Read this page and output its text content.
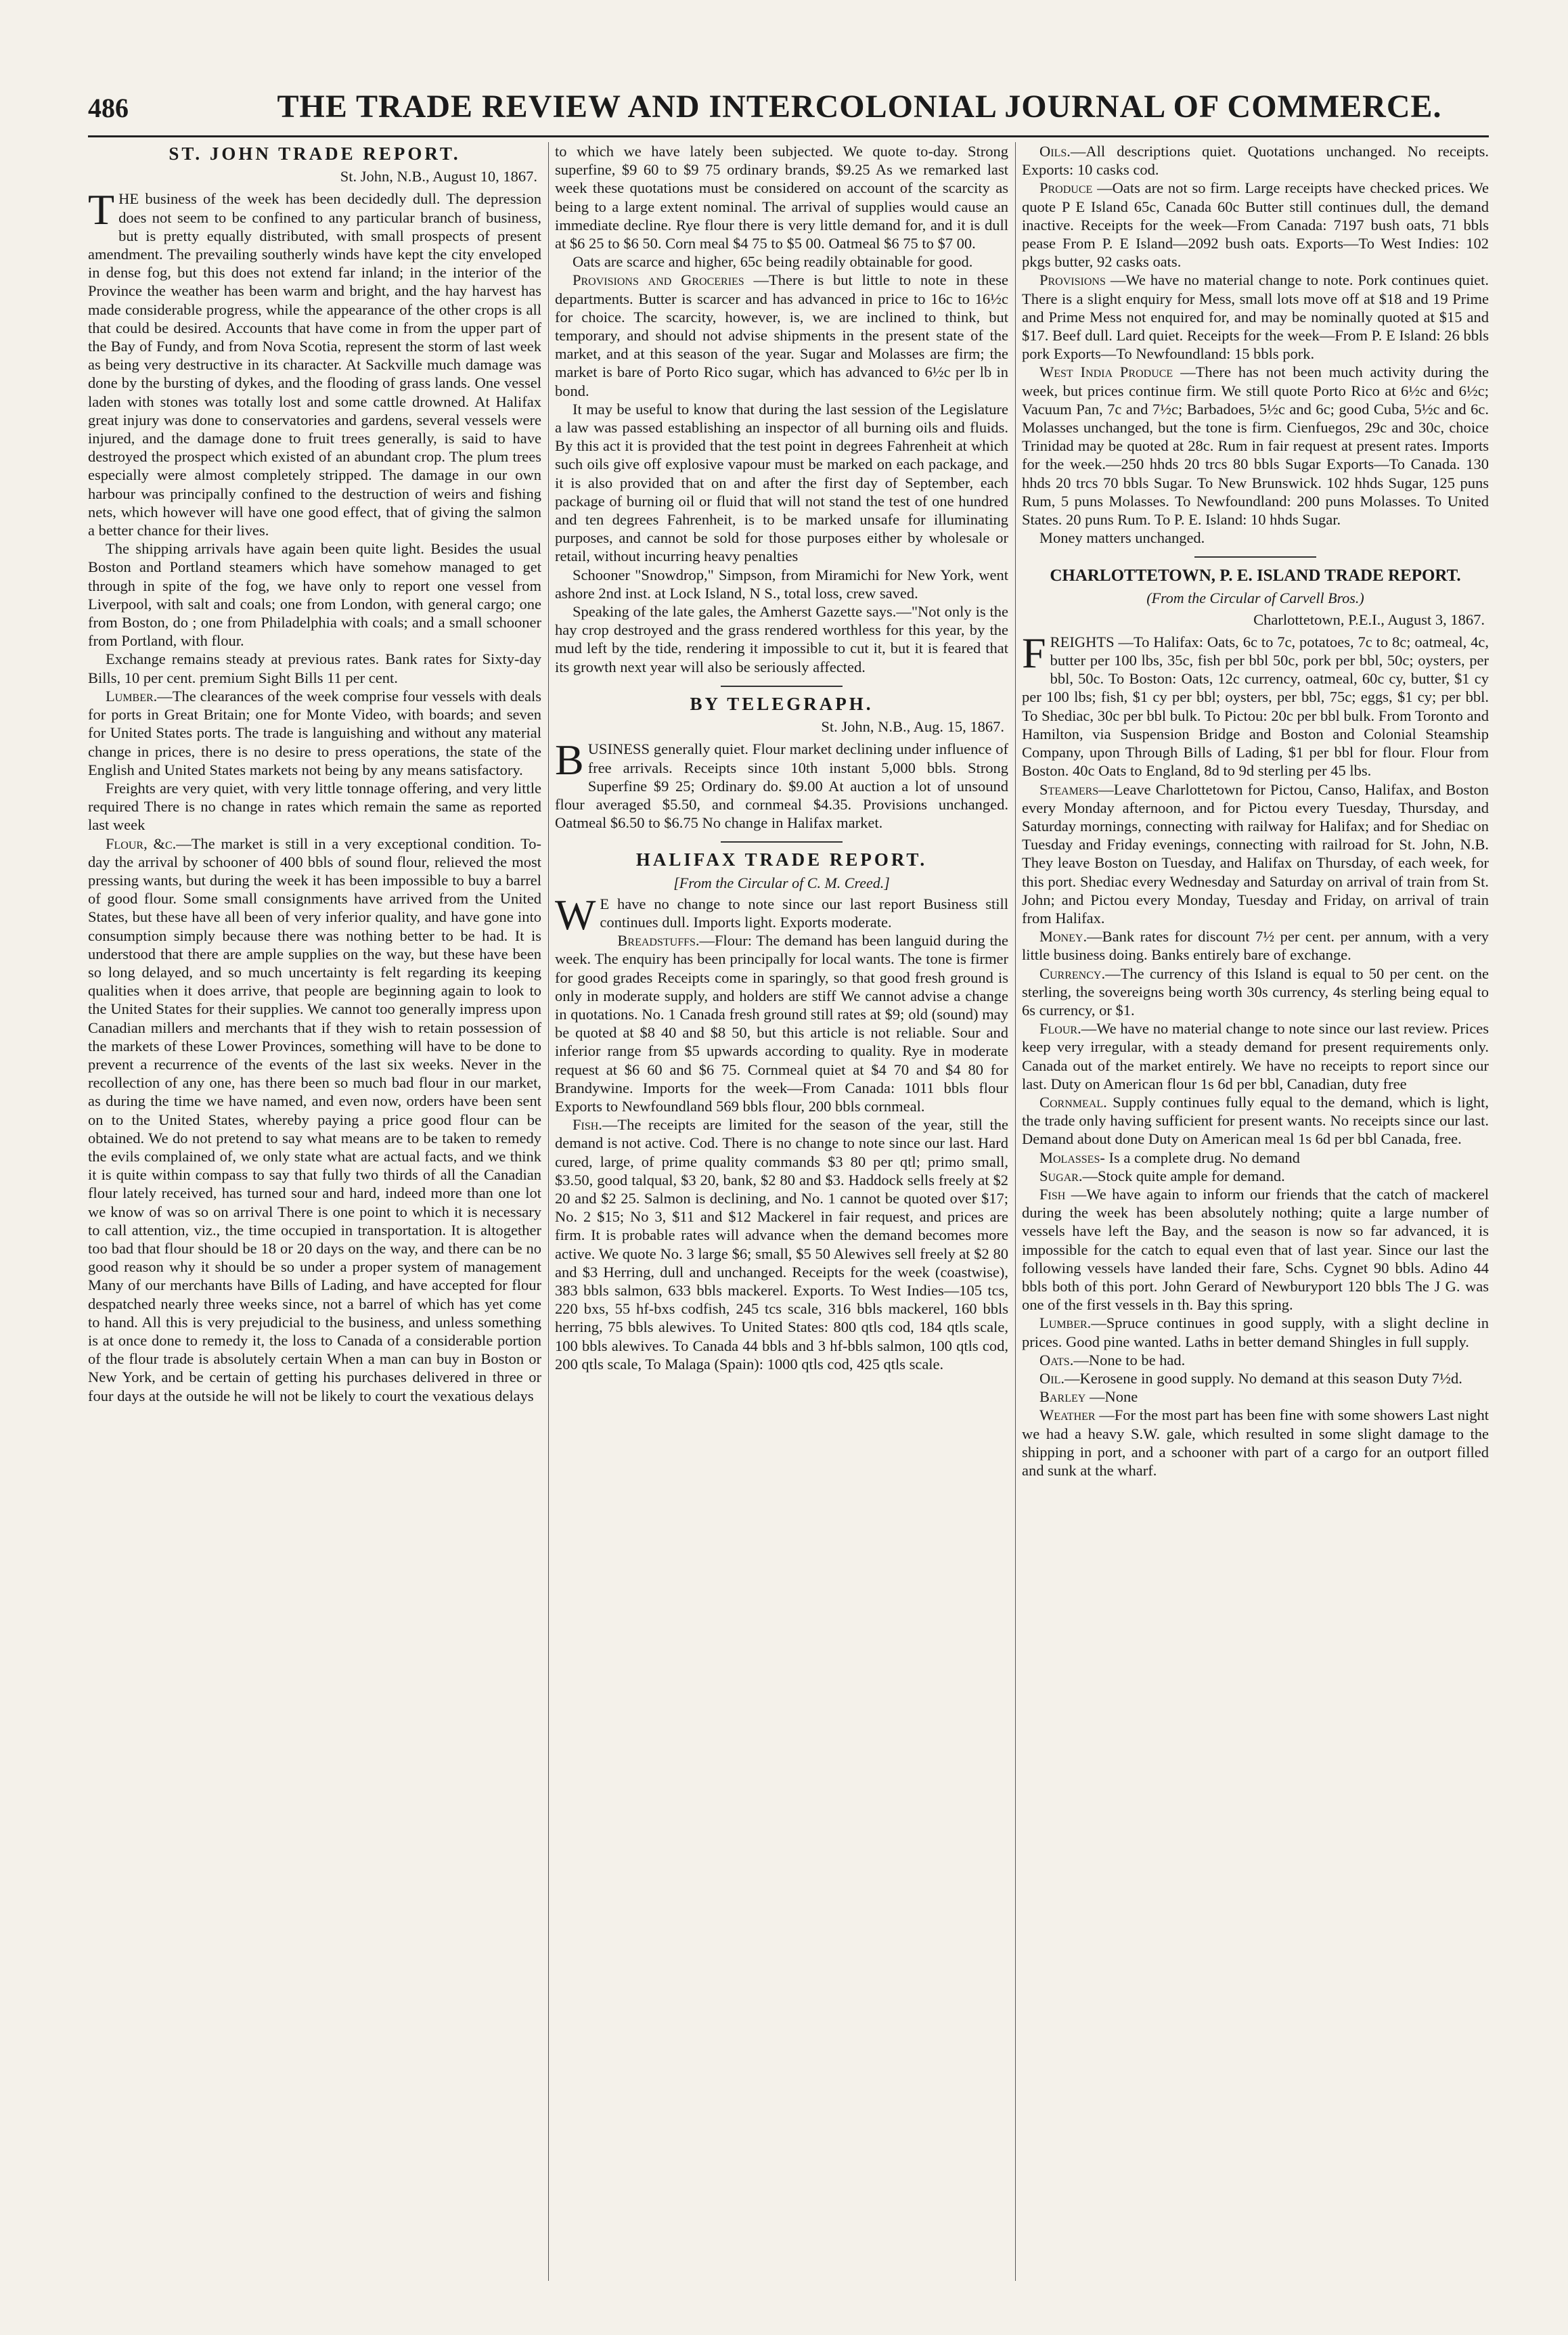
486	THE TRADE REVIEW AND INTERCOLONIAL JOURNAL OF COMMERCE.
ST. JOHN TRADE REPORT.
St. John, N.B., August 10, 1867.

THE business of the week has been decidedly dull. The depression does not seem to be confined to any particular branch of business, but is pretty equally distributed, with small prospects of present amendment. The prevailing southerly winds have kept the city enveloped in dense fog, but this does not extend far inland; in the interior of the Province the weather has been warm and bright, and the hay harvest has made considerable progress, while the appearance of the other crops is all that could be desired. Accounts that have come in from the upper part of the Bay of Fundy, and from Nova Scotia, represent the storm of last week as being very destructive in its character. At Sackville much damage was done by the bursting of dykes, and the flooding of grass lands. One vessel laden with stones was totally lost and some cattle drowned. At Halifax great injury was done to conservatories and gardens, several vessels were injured, and the damage done to fruit trees generally, is said to have destroyed the prospect which existed of an abundant crop. The plum trees especially were almost completely stripped. The damage in our own harbour was principally confined to the destruction of weirs and fishing nets, which however will have one good effect, that of giving the salmon a better chance for their lives.

The shipping arrivals have again been quite light. Besides the usual Boston and Portland steamers which have somehow managed to get through in spite of the fog, we have only to report one vessel from Liverpool, with salt and coals; one from London, with general cargo; one from Boston, do ; one from Philadelphia with coals; and a small schooner from Portland, with flour.

Exchange remains steady at previous rates. Bank rates for Sixty-day Bills, 10 per cent. premium Sight Bills 11 per cent.

Lumber.—The clearances of the week comprise four vessels with deals for ports in Great Britain; one for Monte Video, with boards; and seven for United States ports. The trade is languishing and without any material change in prices, there is no desire to press operations, the state of the English and United States markets not being by any means satisfactory.

Freights are very quiet, with very little tonnage offering, and very little required There is no change in rates which remain the same as reported last week

Flour, &c.—The market is still in a very exceptional condition. To-day the arrival by schooner of 400 bbls of sound flour, relieved the most pressing wants, but during the week it has been impossible to buy a barrel of good flour. Some small consignments have arrived from the United States, but these have all been of very inferior quality, and have gone into consumption simply because there was nothing better to be had. It is understood that there are ample supplies on the way, but these have been so long delayed, and so much uncertainty is felt regarding its keeping qualities when it does arrive, that people are beginning again to look to the United States for their supplies. We cannot too generally impress upon Canadian millers and merchants that if they wish to retain possession of the markets of these Lower Provinces, something will have to be done to prevent a recurrence of the events of the last six weeks. Never in the recollection of any one, has there been so much bad flour in our market, as during the time we have named, and even now, orders have been sent on to the United States, whereby paying a price good flour can be obtained. We do not pretend to say what means are to be taken to remedy the evils complained of, we only state what are actual facts, and we think it is quite within compass to say that fully two thirds of all the Canadian flour lately received, has turned sour and hard, indeed more than one lot we know of was so on arrival There is one point to which it is necessary to call attention, viz., the time occupied in transportation. It is altogether too bad that flour should be 18 or 20 days on the way, and there can be no good reason why it should be so under a proper system of management Many of our merchants have Bills of Lading, and have accepted for flour despatched nearly three weeks since, not a barrel of which has yet come to hand. All this is very prejudicial to the business, and unless something is at once done to remedy it, the loss to Canada of a considerable portion of the flour trade is absolutely certain When a man can buy in Boston or New York, and be certain of getting his purchases delivered in three or four days at the outside he will not be likely to court the vexatious delays

to which we have lately been subjected. We quote to-day. Strong superfine, $9 60 to $9 75 ordinary brands, $9.25 As we remarked last week these quotations must be considered on account of the scarcity as being to a large extent nominal. The arrival of supplies would cause an immediate decline. Rye flour there is very little demand for, and it is dull at $6 25 to $6 50. Corn meal $4 75 to $5 00. Oatmeal $6 75 to $7 00.

Oats are scarce and higher, 65c being readily obtainable for good.

Provisions and Groceries —There is but little to note in these departments. Butter is scarcer and has advanced in price to 16c to 16½c for choice. The scarcity, however, is, we are inclined to think, but temporary, and should not advise shipments in the present state of the market, and at this season of the year. Sugar and Molasses are firm; the market is bare of Porto Rico sugar, which has advanced to 6½c per lb in bond.

It may be useful to know that during the last session of the Legislature a law was passed establishing an inspector of all burning oils and fluids. By this act it is provided that the test point in degrees Fahrenheit at which such oils give off explosive vapour must be marked on each package, and it is also provided that on and after the first day of September, each package of burning oil or fluid that will not stand the test of one hundred and ten degrees Fahrenheit, is to be marked unsafe for illuminating purposes, and cannot be sold for those purposes either by wholesale or retail, without incurring heavy penalties

Schooner "Snowdrop," Simpson, from Miramichi for New York, went ashore 2nd inst. at Lock Island, N S., total loss, crew saved.

Speaking of the late gales, the Amherst Gazette says.—"Not only is the hay crop destroyed and the grass rendered worthless for this year, by the mud left by the tide, rendering it impossible to cut it, but it is feared that its growth next year will also be seriously affected.

BY TELEGRAPH.
St. John, N.B., Aug. 15, 1867.

BUSINESS generally quiet. Flour market declining under influence of free arrivals. Receipts since 10th instant 5,000 bbls. Strong Superfine $9 25; Ordinary do. $9.00 At auction a lot of unsound flour averaged $5.50, and cornmeal $4.35. Provisions unchanged. Oatmeal $6.50 to $6.75 No change in Halifax market.

HALIFAX TRADE REPORT.
[From the Circular of C. M. Creed.]

W E have no change to note since our last report Business still continues dull. Imports light. Exports moderate.

Breadstuffs.—Flour: The demand has been languid during the week. The enquiry has been principally for local wants. The tone is firmer for good grades Receipts come in sparingly, so that good fresh ground is only in moderate supply, and holders are stiff We cannot advise a change in quotations. No. 1 Canada fresh ground still rates at $9; old (sound) may be quoted at $8 40 and $8 50, but this article is not reliable. Sour and inferior range from $5 upwards according to quality. Rye in moderate request at $6 60 and $6 75. Cornmeal quiet at $4 70 and $4 80 for Brandywine. Imports for the week—From Canada: 1011 bbls flour Exports to Newfoundland 569 bbls flour, 200 bbls cornmeal.

Fish.—The receipts are limited for the season of the year, still the demand is not active. Cod. There is no change to note since our last. Hard cured, large, of prime quality commands $3 80 per qtl; primo small, $3.50, good talqual, $3 20, bank, $2 80 and $3. Haddock sells freely at $2 20 and $2 25. Salmon is declining, and No. 1 cannot be quoted over $17; No. 2 $15; No 3, $11 and $12 Mackerel in fair request, and prices are firm. It is probable rates will advance when the demand becomes more active. We quote No. 3 large $6; small, $5 50 Alewives sell freely at $2 80 and $3 Herring, dull and unchanged. Receipts for the week (coastwise), 383 bbls salmon, 633 bbls mackerel. Exports. To West Indies—105 tcs, 220 bxs, 55 hf-bxs codfish, 245 tcs scale, 316 bbls mackerel, 160 bbls herring, 75 bbls alewives. To United States: 800 qtls cod, 184 qtls scale, 100 bbls alewives. To Canada 44 bbls and 3 hf-bbls salmon, 100 qtls cod, 200 qtls scale, To Malaga (Spain): 1000 qtls cod, 425 qtls scale.

Oils.—All descriptions quiet. Quotations unchanged. No receipts. Exports: 10 casks cod.

Produce —Oats are not so firm. Large receipts have checked prices. We quote P E Island 65c, Canada 60c Butter still continues dull, the demand inactive. Receipts for the week—From Canada: 7197 bush oats, 71 bbls pease From P. E Island—2092 bush oats. Exports—To West Indies: 102 pkgs butter, 92 casks oats.

Provisions —We have no material change to note. Pork continues quiet. There is a slight enquiry for Mess, small lots move off at $18 and 19 Prime and Prime Mess not enquired for, and may be nominally quoted at $15 and $17. Beef dull. Lard quiet. Receipts for the week—From P. E Island: 26 bbls pork Exports—To Newfoundland: 15 bbls pork.

West India Produce —There has not been much activity during the week, but prices continue firm. We still quote Porto Rico at 6½c and 6½c; Vacuum Pan, 7c and 7½c; Barbadoes, 5½c and 6c; good Cuba, 5½c and 6c. Molasses unchanged, but the tone is firm. Cienfuegos, 29c and 30c, choice Trinidad may be quoted at 28c. Rum in fair request at present rates. Imports for the week.—250 hhds 20 trcs 80 bbls Sugar Exports—To Canada. 130 hhds 20 trcs 70 bbls Sugar. To New Brunswick. 102 hhds Sugar, 125 puns Rum, 5 puns Molasses. To Newfoundland: 200 puns Molasses. To United States. 20 puns Rum. To P. E. Island: 10 hhds Sugar.

Money matters unchanged.

CHARLOTTETOWN, P. E. ISLAND TRADE REPORT.
(From the Circular of Carvell Bros.)
Charlottetown, P.E.I., August 3, 1867.

FREIGHTS —To Halifax: Oats, 6c to 7c, potatoes, 7c to 8c; oatmeal, 4c, butter per 100 lbs, 35c, fish per bbl 50c, pork per bbl, 50c; oysters, per bbl, 50c. To Boston: Oats, 12c currency, oatmeal, 60c cy, butter, $1 cy per 100 lbs; fish, $1 cy per bbl; oysters, per bbl, 75c; eggs, $1 cy; per bbl. To Shediac, 30c per bbl bulk. To Pictou: 20c per bbl bulk. From Toronto and Hamilton, via Suspension Bridge and Boston and Colonial Steamship Company, upon Through Bills of Lading, $1 per bbl for flour. Flour from Boston. 40c Oats to England, 8d to 9d sterling per 45 lbs.

Steamers—Leave Charlottetown for Pictou, Canso, Halifax, and Boston every Monday afternoon, and for Pictou every Tuesday, Thursday, and Saturday mornings, connecting with railway for Halifax; and for Shediac on Tuesday and Friday evenings, connecting with railroad for St. John, N.B. They leave Boston on Tuesday, and Halifax on Thursday, of each week, for this port. Shediac every Wednesday and Saturday on arrival of train from St. John; and Pictou every Monday, Tuesday and Friday, on arrival of train from Halifax.

Money.—Bank rates for discount 7½ per cent. per annum, with a very little business doing. Banks entirely bare of exchange.

Currency.—The currency of this Island is equal to 50 per cent. on the sterling, the sovereigns being worth 30s currency, 4s sterling being equal to 6s currency, or $1.

Flour.—We have no material change to note since our last review. Prices keep very irregular, with a steady demand for present requirements only. Canada out of the market entirely. We have no receipts to report since our last. Duty on American flour 1s 6d per bbl, Canadian, duty free

Cornmeal. Supply continues fully equal to the demand, which is light, the trade only having sufficient for present wants. No receipts since our last. Demand about done Duty on American meal 1s 6d per bbl Canada, free.

Molasses- Is a complete drug. No demand

Sugar.—Stock quite ample for demand.

Fish —We have again to inform our friends that the catch of mackerel during the week has been absolutely nothing; quite a large number of vessels have left the Bay, and the season is now so far advanced, it is impossible for the catch to equal even that of last year. Since our last the following vessels have landed their fare, Schs. Cygnet 90 bbls. Adino 44 bbls both of this port. John Gerard of Newburyport 120 bbls The J G. was one of the first vessels in th. Bay this spring.

Lumber.—Spruce continues in good supply, with a slight decline in prices. Good pine wanted. Laths in better demand Shingles in full supply.

Oats.—None to be had.

Oil.—Kerosene in good supply. No demand at this season Duty 7½d.

Barley —None

Weather —For the most part has been fine with some showers Last night we had a heavy S.W. gale, which resulted in some slight damage to the shipping in port, and a schooner with part of a cargo for an outport filled and sunk at the wharf.
